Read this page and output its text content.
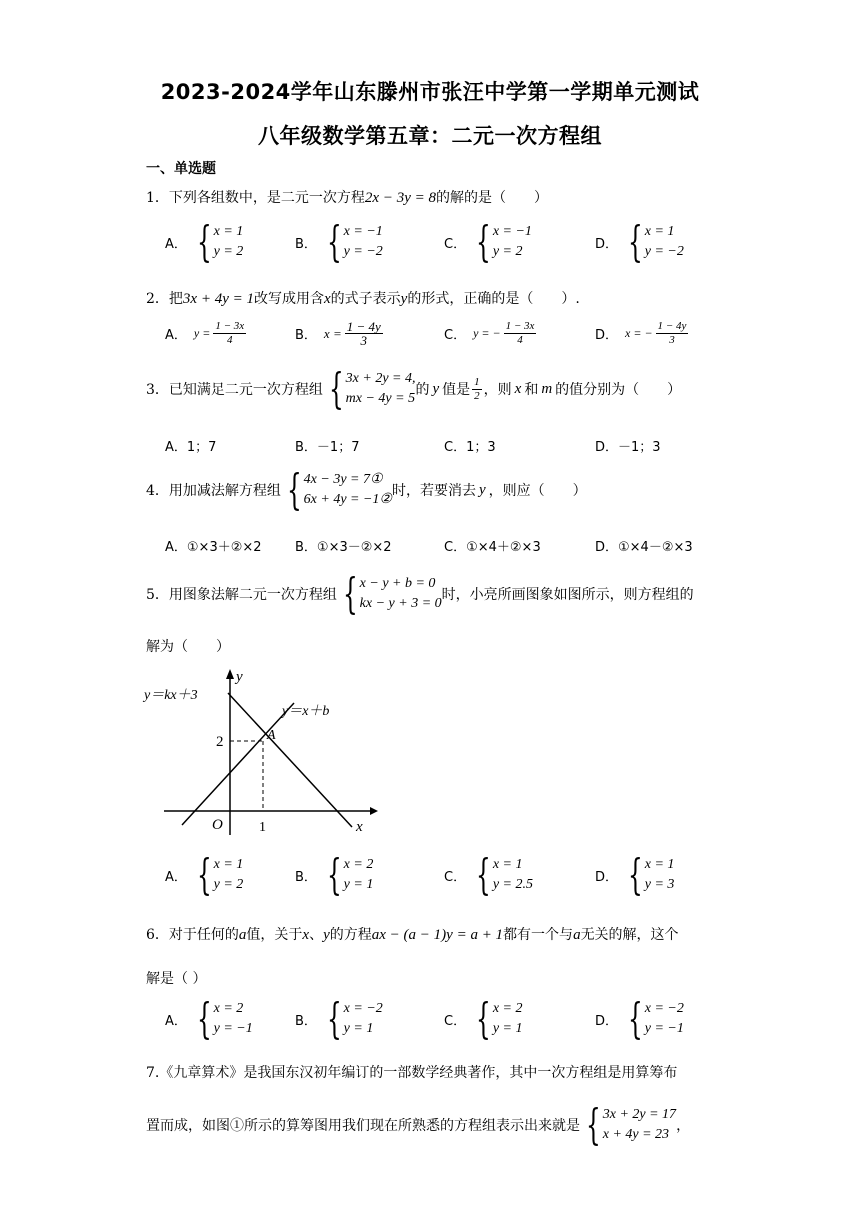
2023-2024学年山东滕州市张汪中学第一学期单元测试
八年级数学第五章：二元一次方程组
一、单选题
1．下列各组数中，是二元一次方程2x − 3y = 8的解的是（　　）
A． { x = 1
y = 2	B． { x = −1
y = −2	C． { x = −1
y = 2	D． { x = 1
y = −2
2．把3x + 4y = 1改写成用含x的式子表示y的形式，正确的是（　　）.
A． $y = \frac{1 - 3x}{4}$	B． $x = \frac{1 - 4y}{3}$	C． y = − $\frac{1 - 3x}{4}$	D． x = − $\frac{1 - 4y}{3}$
3．已知满足二元一次方程组 { 3x + 2y = 4,
mx − 4y = 5
的 y 值是 $\frac{1}{2}$ ，则 x 和 m 的值分别为（　　）
A．1；7	B．－1；7	C．1；3	D．－1；3
4．用加减法解方程组 { 4x − 3y = 7①
6x + 4y = −1②
时，若要消去 y ，则应（　　）
A．①×3＋②×2	B．①×3－②×2	C．①×4＋②×3	D．①×4－②×3
5．用图象法解二元一次方程组 { x − y + b = 0
kx − y + 3 = 0
时，小亮所画图象如图所示，则方程组的
解为（　　）
y＝kx＋3
y＝x＋b
y
x
O
A
1
2
A． { x = 1
y = 2	B． { x = 2
y = 1	C． { x = 1
y = 2.5	D． { x = 1
y = 3
6．对于任何的a值，关于x、y的方程ax − (a − 1)y = a + 1都有一个与a无关的解，这个
解是（ ）
A． { x = 2
y = −1	B． { x = −2
y = 1	C． { x = 2
y = 1	D． { x = −2
y = −1
7.《九章算术》是我国东汉初年编订的一部数学经典著作，其中一次方程组是用算筹布
置而成，如图①所示的算筹图用我们现在所熟悉的方程组表示出来就是 { 3x + 2y = 17
x + 4y = 23
，
